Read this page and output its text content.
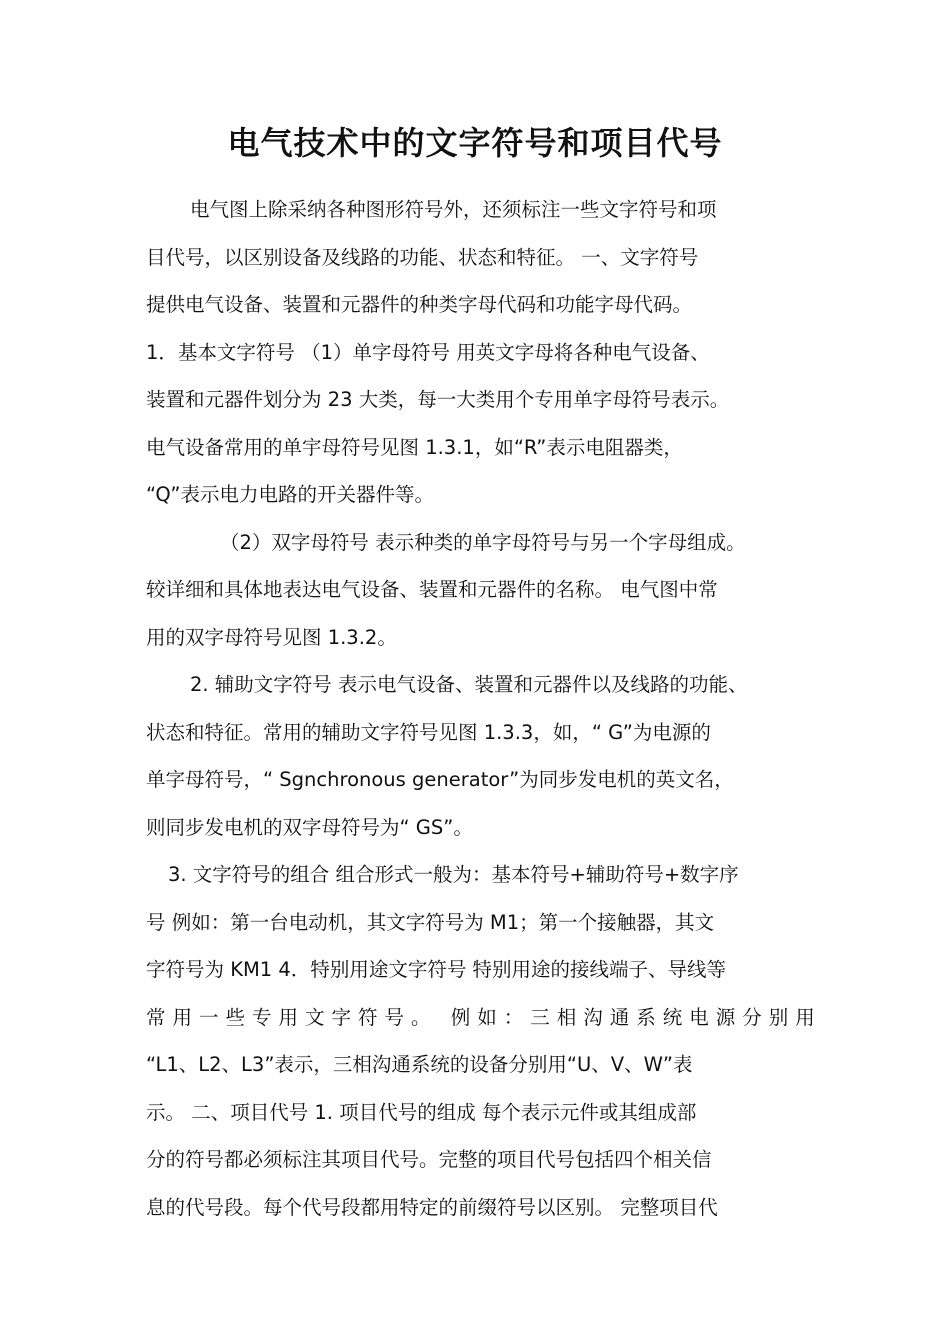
电气技术中的文字符号和项目代号
电气图上除采纳各种图形符号外，还须标注一些文字符号和项
目代号，以区别设备及线路的功能、状态和特征。 一、文字符号
提供电气设备、装置和元器件的种类字母代码和功能字母代码。
1．基本文字符号 （1）单字母符号 用英文字母将各种电气设备、
装置和元器件划分为 23 大类，每一大类用个专用单字母符号表示。
电气设备常用的单宇母符号见图 1.3.1，如“R”表示电阻器类，
“Q”表示电力电路的开关器件等。
（2）双字母符号 表示种类的单字母符号与另一个字母组成。
较详细和具体地表达电气设备、装置和元器件的名称。 电气图中常
用的双字母符号见图 1.3.2。
2. 辅助文字符号 表示电气设备、装置和元器件以及线路的功能、
状态和特征。常用的辅助文字符号见图 1.3.3，如，“ G”为电源的
单字母符号，“ Sgnchronous generator”为同步发电机的英文名，
则同步发电机的双字母符号为“ GS”。
3. 文字符号的组合 组合形式一般为：基本符号+辅助符号+数字序
号 例如：第一台电动机，其文字符号为 M1；第一个接触器，其文
字符号为 KM1 4．特别用途文字符号 特别用途的接线端子、导线等
常用一些专用文字符号。 例如：三相沟通系统电源分别用
“L1、L2、L3”表示，三相沟通系统的设备分别用“U、V、W”表
示。 二、项目代号 1. 项目代号的组成 每个表示元件或其组成部
分的符号都必须标注其项目代号。完整的项目代号包括四个相关信
息的代号段。每个代号段都用特定的前缀符号以区别。 完整项目代
